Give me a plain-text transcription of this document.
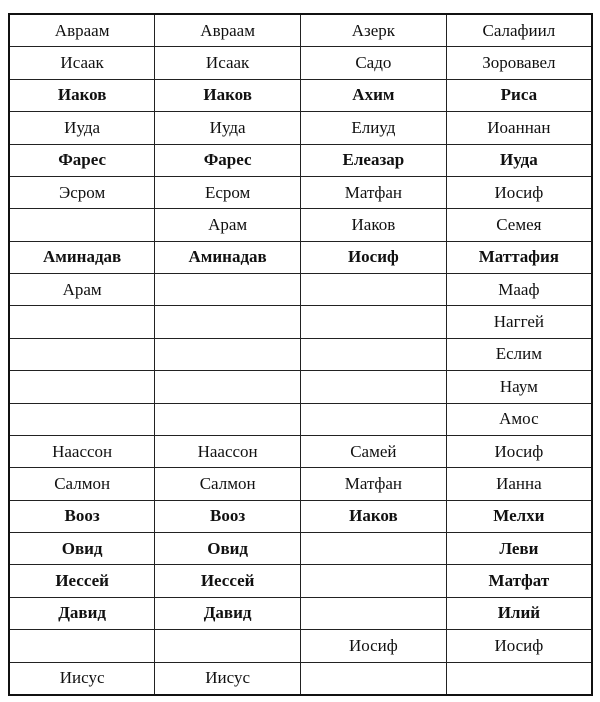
Авраам	Авраам	Азерк	Салафиил
Исаак	Исаак	Садо	Зоровавел
Иаков	Иаков	Ахим	Риса
Иуда	Иуда	Елиуд	Иоаннан
Фарес	Фарес	Елеазар	Иуда
Эсром	Есром	Матфан	Иосиф
	Арам	Иаков	Семея
Аминадав	Аминадав	Иосиф	Маттафия
Арам			Мааф
			Наггей
			Еслим
			Наум
			Амос
Наассон	Наассон	Самей	Иосиф
Салмон	Салмон	Матфан	Ианна
Вооз	Вооз	Иаков	Мелхи
Овид	Овид		Леви
Иессей	Иессей		Матфат
Давид	Давид		Илий
		Иосиф	Иосиф
Иисус	Иисус		
